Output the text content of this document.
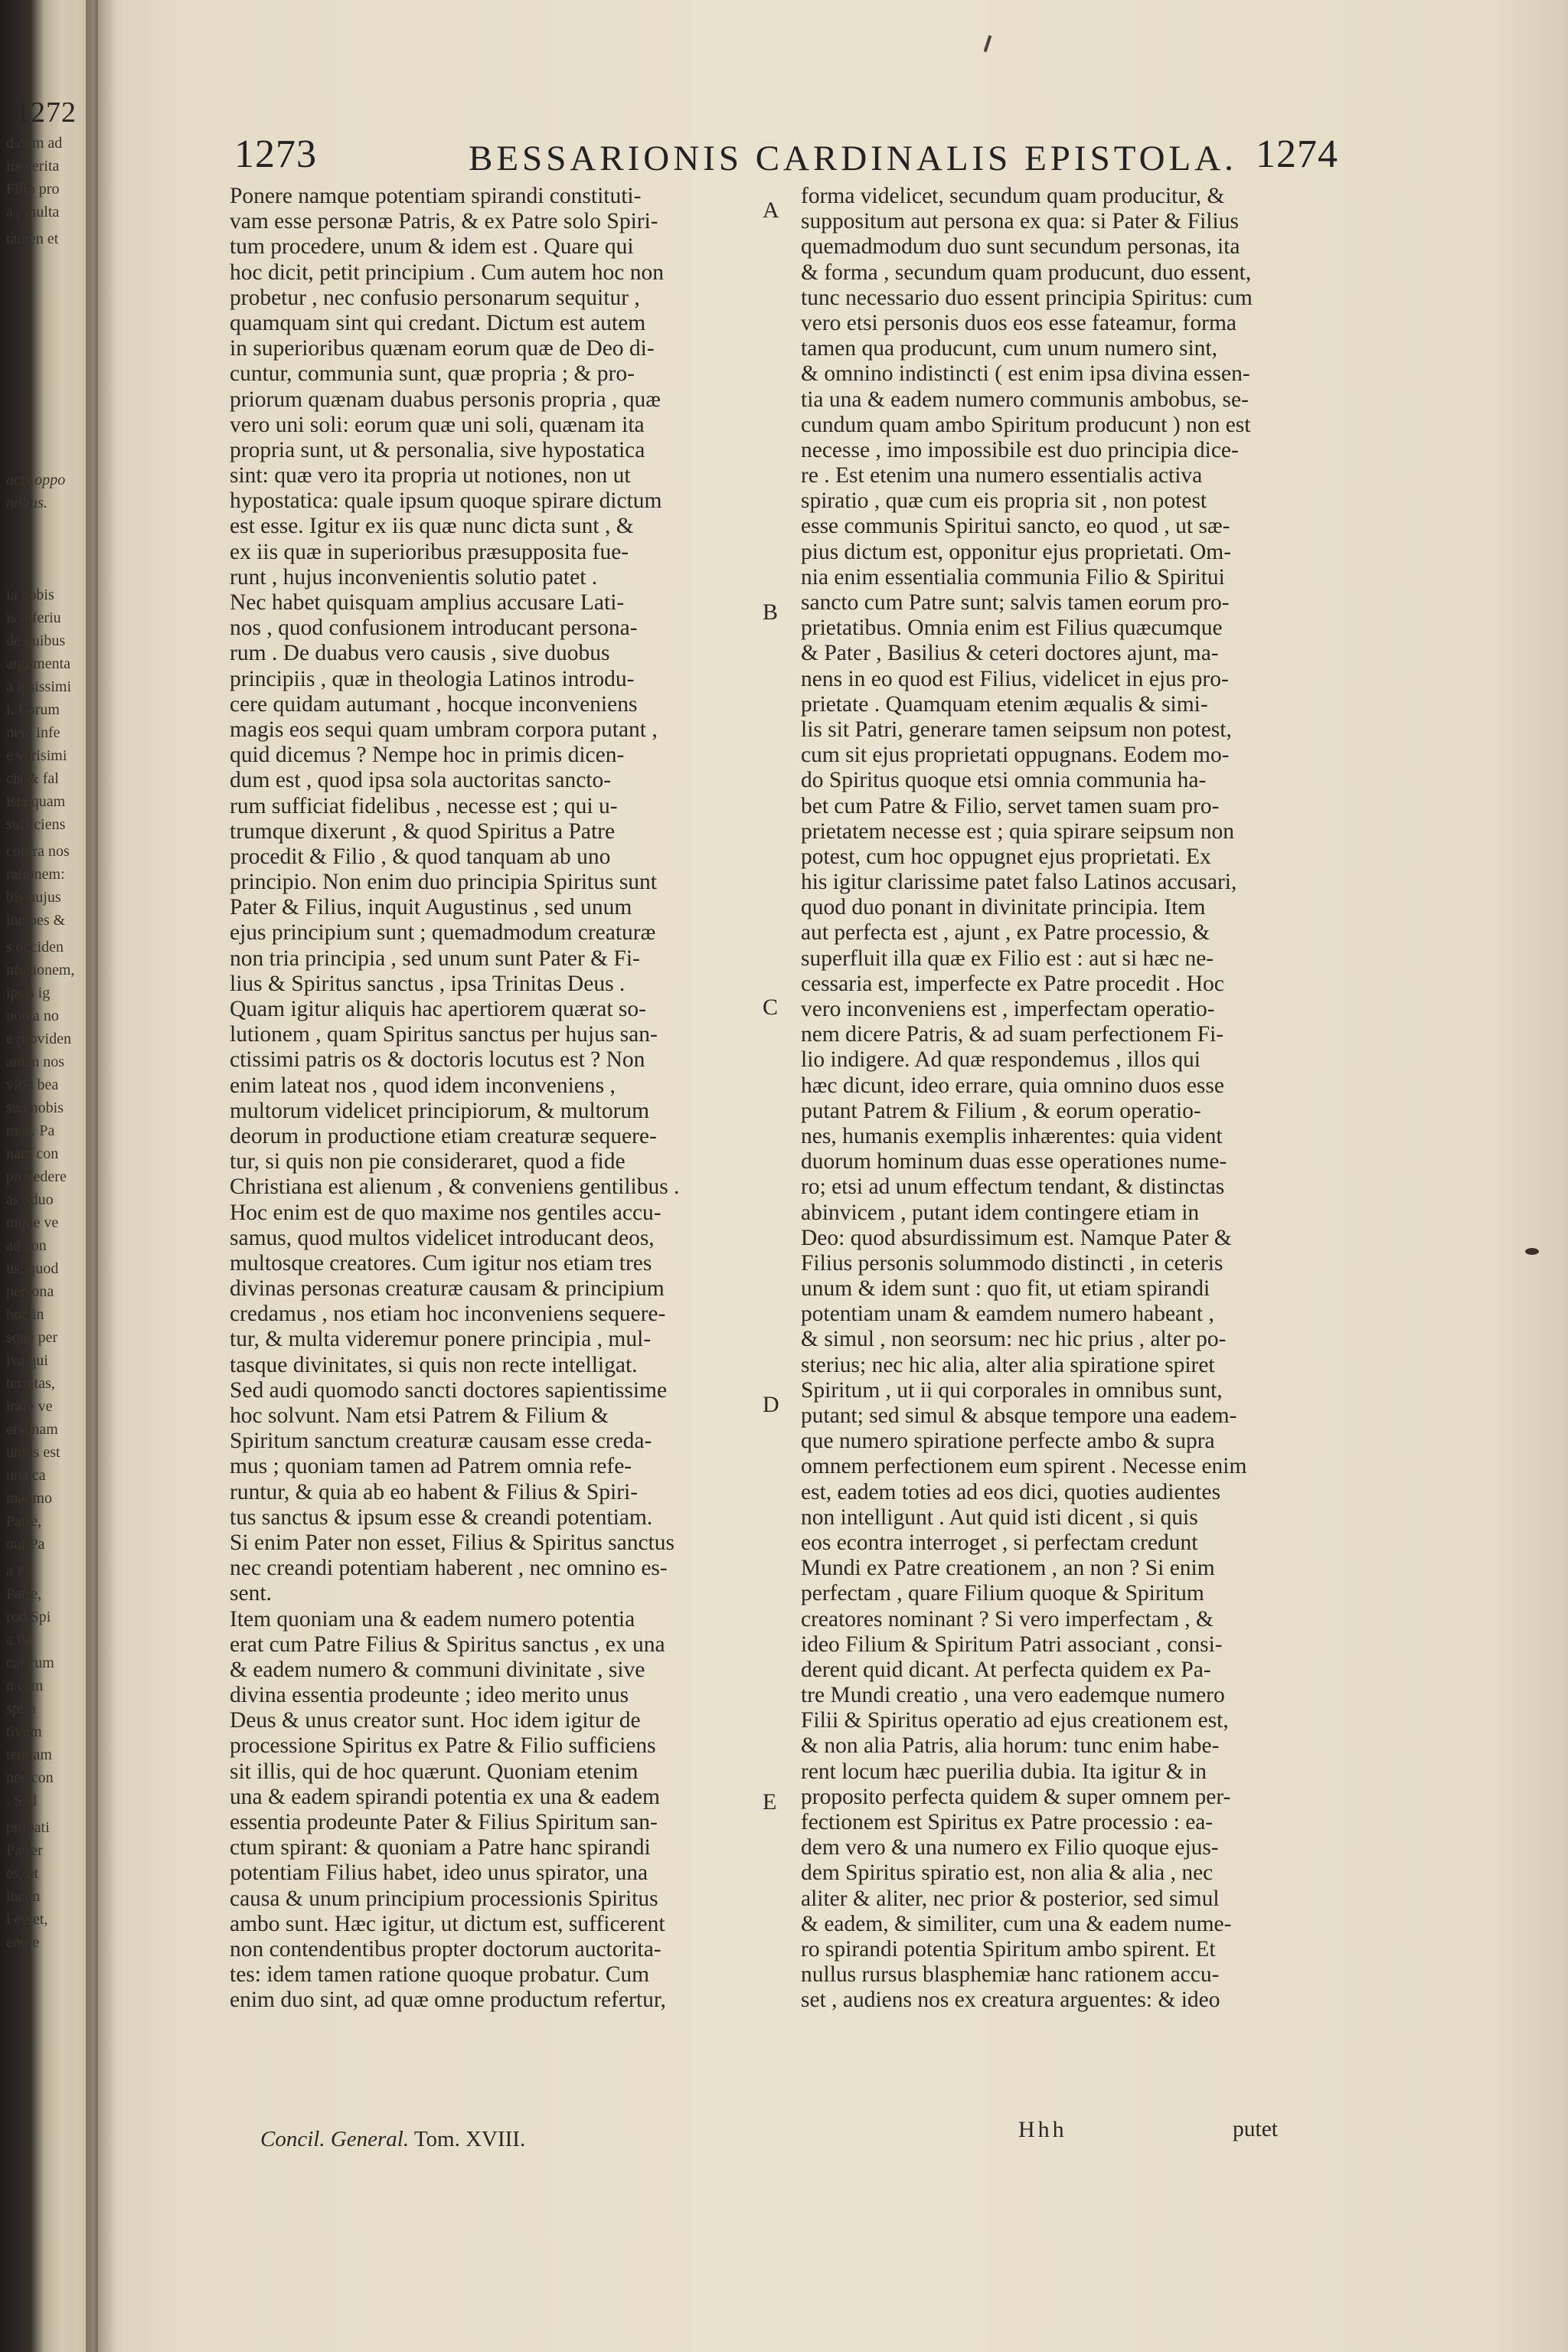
1272
d cum ad
iis verita
Filio pro
a , multa
tamen et
acis oppo
ntibus.
ia nobis
is inferiu
de quibus
argumenta
a ipsissimi
i. Eorum
nem infe
e verisimi
cis & fal
ista quam
sufficiens
contra nos
rationem:
bis hujus
incipes &
s occiden
nfusionem,
ipsis ig
non a no
e providen
amen nos
viris bea
sua nobis
mus. Pa
nam con
procedere
as , duo
mque ve
ad con
us: quod
persona
hoc in
sque per
iva qui
ternitas,
irare ve
ersonam
unius est
una ca
madmo
Patre,
out Pa
a Pa
Patre,
rod Spi
a Pa
cat cum
n cam
spira
tivum
tentiam
nec con
. Sed
probati
Patrer
es, ut
incon
i esset,
enere
1273	BESSARIONIS CARDINALIS EPISTOLA. 1274
Ponere namque potentiam spirandi constituti-
vam esse personæ Patris, & ex Patre solo Spiri-
tum procedere, unum & idem est . Quare qui
hoc dicit, petit principium . Cum autem hoc non
probetur , nec confusio personarum sequitur ,
quamquam sint qui credant. Dictum est autem
in superioribus quænam eorum quæ de Deo di-
cuntur, communia sunt, quæ propria ; & pro-
priorum quænam duabus personis propria , quæ
vero uni soli: eorum quæ uni soli, quænam ita
propria sunt, ut & personalia, sive hypostatica
sint: quæ vero ita propria ut notiones, non ut
hypostatica: quale ipsum quoque spirare dictum
est esse. Igitur ex iis quæ nunc dicta sunt , &
ex iis quæ in superioribus præsupposita fue-
runt , hujus inconvenientis solutio patet .
Nec habet quisquam amplius accusare Lati-
nos , quod confusionem introducant persona-
rum . De duabus vero causis , sive duobus
principiis , quæ in theologia Latinos introdu-
cere quidam autumant , hocque inconveniens
magis eos sequi quam umbram corpora putant ,
quid dicemus ? Nempe hoc in primis dicen-
dum est , quod ipsa sola auctoritas sancto-
rum sufficiat fidelibus , necesse est ; qui u-
trumque dixerunt , & quod Spiritus a Patre
procedit & Filio , & quod tanquam ab uno
principio. Non enim duo principia Spiritus sunt
Pater & Filius, inquit Augustinus , sed unum
ejus principium sunt ; quemadmodum creaturæ
non tria principia , sed unum sunt Pater & Fi-
lius & Spiritus sanctus , ipsa Trinitas Deus .
Quam igitur aliquis hac apertiorem quærat so-
lutionem , quam Spiritus sanctus per hujus san-
ctissimi patris os & doctoris locutus est ? Non
enim lateat nos , quod idem inconveniens ,
multorum videlicet principiorum, & multorum
deorum in productione etiam creaturæ sequere-
tur, si quis non pie consideraret, quod a fide
Christiana est alienum , & conveniens gentilibus .
Hoc enim est de quo maxime nos gentiles accu-
samus, quod multos videlicet introducant deos,
multosque creatores. Cum igitur nos etiam tres
divinas personas creaturæ causam & principium
credamus , nos etiam hoc inconveniens sequere-
tur, & multa videremur ponere principia , mul-
tasque divinitates, si quis non recte intelligat.
Sed audi quomodo sancti doctores sapientissime
hoc solvunt. Nam etsi Patrem & Filium &
Spiritum sanctum creaturæ causam esse creda-
mus ; quoniam tamen ad Patrem omnia refe-
runtur, & quia ab eo habent & Filius & Spiri-
tus sanctus & ipsum esse & creandi potentiam.
Si enim Pater non esset, Filius & Spiritus sanctus
nec creandi potentiam haberent , nec omnino es-
sent.
Item quoniam una & eadem numero potentia
erat cum Patre Filius & Spiritus sanctus , ex una
& eadem numero & communi divinitate , sive
divina essentia prodeunte ; ideo merito unus
Deus & unus creator sunt. Hoc idem igitur de
processione Spiritus ex Patre & Filio sufficiens
sit illis, qui de hoc quærunt. Quoniam etenim
una & eadem spirandi potentia ex una & eadem
essentia prodeunte Pater & Filius Spiritum san-
ctum spirant: & quoniam a Patre hanc spirandi
potentiam Filius habet, ideo unus spirator, una
causa & unum principium processionis Spiritus
ambo sunt. Hæc igitur, ut dictum est, sufficerent
non contendentibus propter doctorum auctorita-
tes: idem tamen ratione quoque probatur. Cum
enim duo sint, ad quæ omne productum refertur,
forma videlicet, secundum quam producitur, &
suppositum aut persona ex qua: si Pater & Filius
quemadmodum duo sunt secundum personas, ita
& forma , secundum quam producunt, duo essent,
tunc necessario duo essent principia Spiritus: cum
vero etsi personis duos eos esse fateamur, forma
tamen qua producunt, cum unum numero sint,
& omnino indistincti ( est enim ipsa divina essen-
tia una & eadem numero communis ambobus, se-
cundum quam ambo Spiritum producunt ) non est
necesse , imo impossibile est duo principia dice-
re . Est etenim una numero essentialis activa
spiratio , quæ cum eis propria sit , non potest
esse communis Spiritui sancto, eo quod , ut sæ-
pius dictum est, opponitur ejus proprietati. Om-
nia enim essentialia communia Filio & Spiritui
sancto cum Patre sunt; salvis tamen eorum pro-
prietatibus. Omnia enim est Filius quæcumque
& Pater , Basilius & ceteri doctores ajunt, ma-
nens in eo quod est Filius, videlicet in ejus pro-
prietate . Quamquam etenim æqualis & simi-
lis sit Patri, generare tamen seipsum non potest,
cum sit ejus proprietati oppugnans. Eodem mo-
do Spiritus quoque etsi omnia communia ha-
bet cum Patre & Filio, servet tamen suam pro-
prietatem necesse est ; quia spirare seipsum non
potest, cum hoc oppugnet ejus proprietati. Ex
his igitur clarissime patet falso Latinos accusari,
quod duo ponant in divinitate principia. Item
aut perfecta est , ajunt , ex Patre processio, &
superfluit illa quæ ex Filio est : aut si hæc ne-
cessaria est, imperfecte ex Patre procedit . Hoc
vero inconveniens est , imperfectam operatio-
nem dicere Patris, & ad suam perfectionem Fi-
lio indigere. Ad quæ respondemus , illos qui
hæc dicunt, ideo errare, quia omnino duos esse
putant Patrem & Filium , & eorum operatio-
nes, humanis exemplis inhærentes: quia vident
duorum hominum duas esse operationes nume-
ro; etsi ad unum effectum tendant, & distinctas
abinvicem , putant idem contingere etiam in
Deo: quod absurdissimum est. Namque Pater &
Filius personis solummodo distincti , in ceteris
unum & idem sunt : quo fit, ut etiam spirandi
potentiam unam & eamdem numero habeant ,
& simul , non seorsum: nec hic prius , alter po-
sterius; nec hic alia, alter alia spiratione spiret
Spiritum , ut ii qui corporales in omnibus sunt,
putant; sed simul & absque tempore una eadem-
que numero spiratione perfecte ambo & supra
omnem perfectionem eum spirent . Necesse enim
est, eadem toties ad eos dici, quoties audientes
non intelligunt . Aut quid isti dicent , si quis
eos econtra interroget , si perfectam credunt
Mundi ex Patre creationem , an non ? Si enim
perfectam , quare Filium quoque & Spiritum
creatores nominant ? Si vero imperfectam , &
ideo Filium & Spiritum Patri associant , consi-
derent quid dicant. At perfecta quidem ex Pa-
tre Mundi creatio , una vero eademque numero
Filii & Spiritus operatio ad ejus creationem est,
& non alia Patris, alia horum: tunc enim habe-
rent locum hæc puerilia dubia. Ita igitur & in
proposito perfecta quidem & super omnem per-
fectionem est Spiritus ex Patre processio : ea-
dem vero & una numero ex Filio quoque ejus-
dem Spiritus spiratio est, non alia & alia , nec
aliter & aliter, nec prior & posterior, sed simul
& eadem, & similiter, cum una & eadem nume-
ro spirandi potentia Spiritum ambo spirent. Et
nullus rursus blasphemiæ hanc rationem accu-
set , audiens nos ex creatura arguentes: & ideo
A
B
C
D
E
Concil. General. Tom. XVIII.	Hhh	putet
